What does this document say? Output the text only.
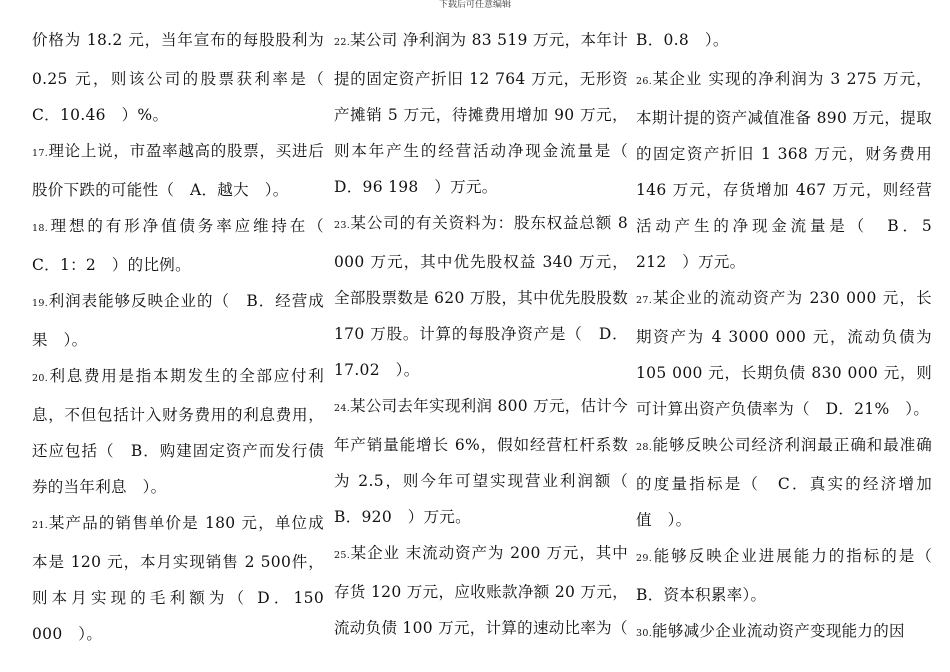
下载后可任意编辑

价格为 18.2 元，当年宣布的每股股利为 0.25 元，则该公司的股票获利率是（　C．10.46　）%。

17.理论上说，市盈率越高的股票，买进后股价下跌的可能性（　A．越大　）。

18.理想的有形净值债务率应维持在（　C．1：2　）的比例。

19.利润表能够反映企业的（　B．经营成果　）。

20.利息费用是指本期发生的全部应付利息，不但包括计入财务费用的利息费用，还应包括（　B．购建固定资产而发行债券的当年利息　）。

21.某产品的销售单价是 180 元，单位成本是 120 元，本月实现销售 2 500件，则本月实现的毛利额为（ D．150 000　）。

22.某公司 净利润为 83 519 万元，本年计提的固定资产折旧 12 764 万元，无形资产摊销 5 万元，待摊费用增加 90 万元，则本年产生的经营活动净现金流量是（ D．96 198　）万元。

23.某公司的有关资料为：股东权益总额 8 000 万元，其中优先股权益 340 万元，全部股票数是 620 万股，其中优先股股数 170 万股。计算的每股净资产是（　D．17.02　）。

24.某公司去年实现利润 800 万元，估计今年产销量能增长 6%，假如经营杠杆系数为 2.5，则今年可望实现营业利润额（ B．920　）万元。

25.某企业 末流动资产为 200 万元，其中存货 120 万元，应收账款净额 20 万元，流动负债 100 万元，计算的速动比率为（

B．0.8　）。

26.某企业 实现的净利润为 3 275 万元，本期计提的资产减值准备 890 万元，提取的固定资产折旧 1 368 万元，财务费用 146 万元，存货增加 467 万元，则经营活动产生的净现金流量是（　B．5 212　）万元。

27.某企业的流动资产为 230 000 元，长期资产为 4 3000 000 元，流动负债为 105 000 元，长期负债 830 000 元，则可计算出资产负债率为（　D．21%　）。

28.能够反映公司经济利润最正确和最准确的度量指标是（　C．真实的经济增加值　）。

29.能够反映企业进展能力的指标的是（ B．资本积累率）。

30.能够减少企业流动资产变现能力的因
